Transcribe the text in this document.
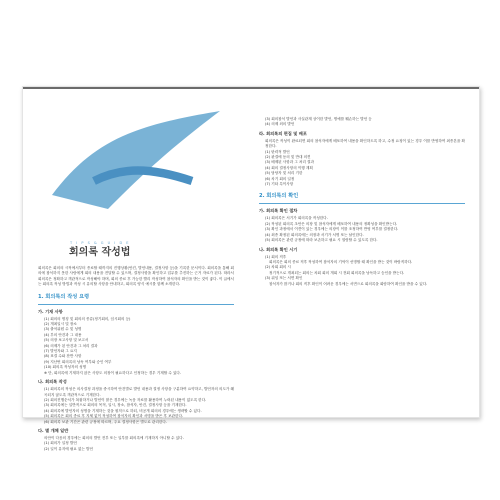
T I P S & G U I D E
회의록 작성법
회의록은 회의의 시작에서부터 종료할 때까지의 진행상황(안건, 발언내용, 결정사항 등)을 기록한 문서이다. 회의록을 통해 회의에 참석하지 못한 사람에게 회의 내용을 전달할 수 있으며, 결정사항을 확인하고 업무를 추진하는 근거 자료가 된다. 따라서 회의록은 정확하고 객관적으로 작성해야 하며, 회의 종료 후 가능한 빨리 작성하여 참석자의 확인을 받는 것이 좋다. 이 글에서는 회의록 작성 방법과 작성 시 유의할 사항을 안내하고, 회의록 양식 예시를 함께 소개한다.
1. 회의록의 작성 요령
가. 기재 사항
(1) 회의의 명칭 및 회의의 종류(정기회의, 임시회의 등)
(2) 개최일시 및 장소
(3) 출석위원 수 및 성명
(4) 부의 안건과 그 내용
(5) 의장 보고사항 및 보고서
(6) 의제가 된 안건과 그 처리 결과
(7) 발언자와 그 요지
(8) 표결 수와 찬반 사항
(9) 지난번 회의록의 낭독 여부와 승인 여부
(10) 회의록 작성자의 성명
※ 단, 회의록에 기재하지 않은 사항도 의장이 필요하다고 인정하는 경우 기재할 수 있다.
나. 회의록 작성
(1) 회의록의 작성은 의사결정 과정을 중시하여 안건별로 발언 내용과 결정 사항을 구분하여 요약하고, 발언자의 의도가 왜곡되지 않도록 객관적으로 기재한다.
(2) 회의진행순서가 복잡하거나 발언이 많은 경우에는 녹음 자료를 활용하여 누락된 내용이 없도록 한다.
(3) 회의록에는 일반적으로 회의의 목적, 일시, 장소, 참석자, 안건, 결정사항 등을 기재한다.
(4) 회의록에 발언자의 성명을 기재하는 것을 원칙으로 하되, 비공개 회의의 경우에는 생략할 수 있다.
(5) 회의록은 회의 종료 후 지체 없이 작성하여 참석자의 확인과 서명을 받은 후 보관한다.
(6) 회의록 보관 기간은 관련 규정에 따르며, 주요 결정사항은 별도로 관리한다.
다. 별 개체 일반
의안이 다음의 경우에는 회의의 발언 전부 또는 일부를 회의록에 기재하지 아니할 수 있다.
(1) 회의가 일정 발언
(2) 일이 유지에 필요 없는 발언
(3) 회의참석 발언과 사실관계 상이한 발언, 명예를 훼손하는 발언 등
(4) 의제 외의 발언
라. 회의록의 편집 및 배포
회의록은 작성이 완료되면 회의 참석자에게 배포하여 내용을 확인하도록 하고, 수정 요청이 있는 경우 이를 반영하여 최종본을 확정한다.
(1) 탄력적 발언
(2) 판결에 동의 및 반대 의견
(3) 배제된 사항과 그 처리 결과
(4) 회의 결정사항의 이행 계획
(5) 담당자 및 처리 기한
(6) 차기 회의 일정
(7) 기타 특이사항
2. 회의록의 확인
가. 회의록 확인 절차
(1) 회의록은 서기가 회의록을 작성한다.
(2) 작성된 회의록 초안은 의장 및 참석자에게 배포하여 내용의 정확성을 확인받는다.
(3) 확인 과정에서 이견이 있는 경우에는 의장이 이를 조정하여 반영 여부를 결정한다.
(4) 최종 확정된 회의록에는 의장과 서기가 서명 또는 날인한다.
(5) 회의록은 관련 규정에 따라 보존하고 필요 시 열람할 수 있도록 한다.
나. 회의록 확인 시기
(1) 회의 직후
회의록은 회의 종료 직후 작성하여 참석자의 기억이 선명할 때 확인을 받는 것이 바람직하다.
(2) 차회 회의 시
정기적으로 개최되는 회의는 차회 회의 개회 시 전회 회의록을 낭독하고 승인을 받는다.
(3) 위임 또는 서면 확인
참석자가 많거나 회의 직후 확인이 어려운 경우에는 서면으로 회의록을 회람하여 확인을 받을 수 있다.
